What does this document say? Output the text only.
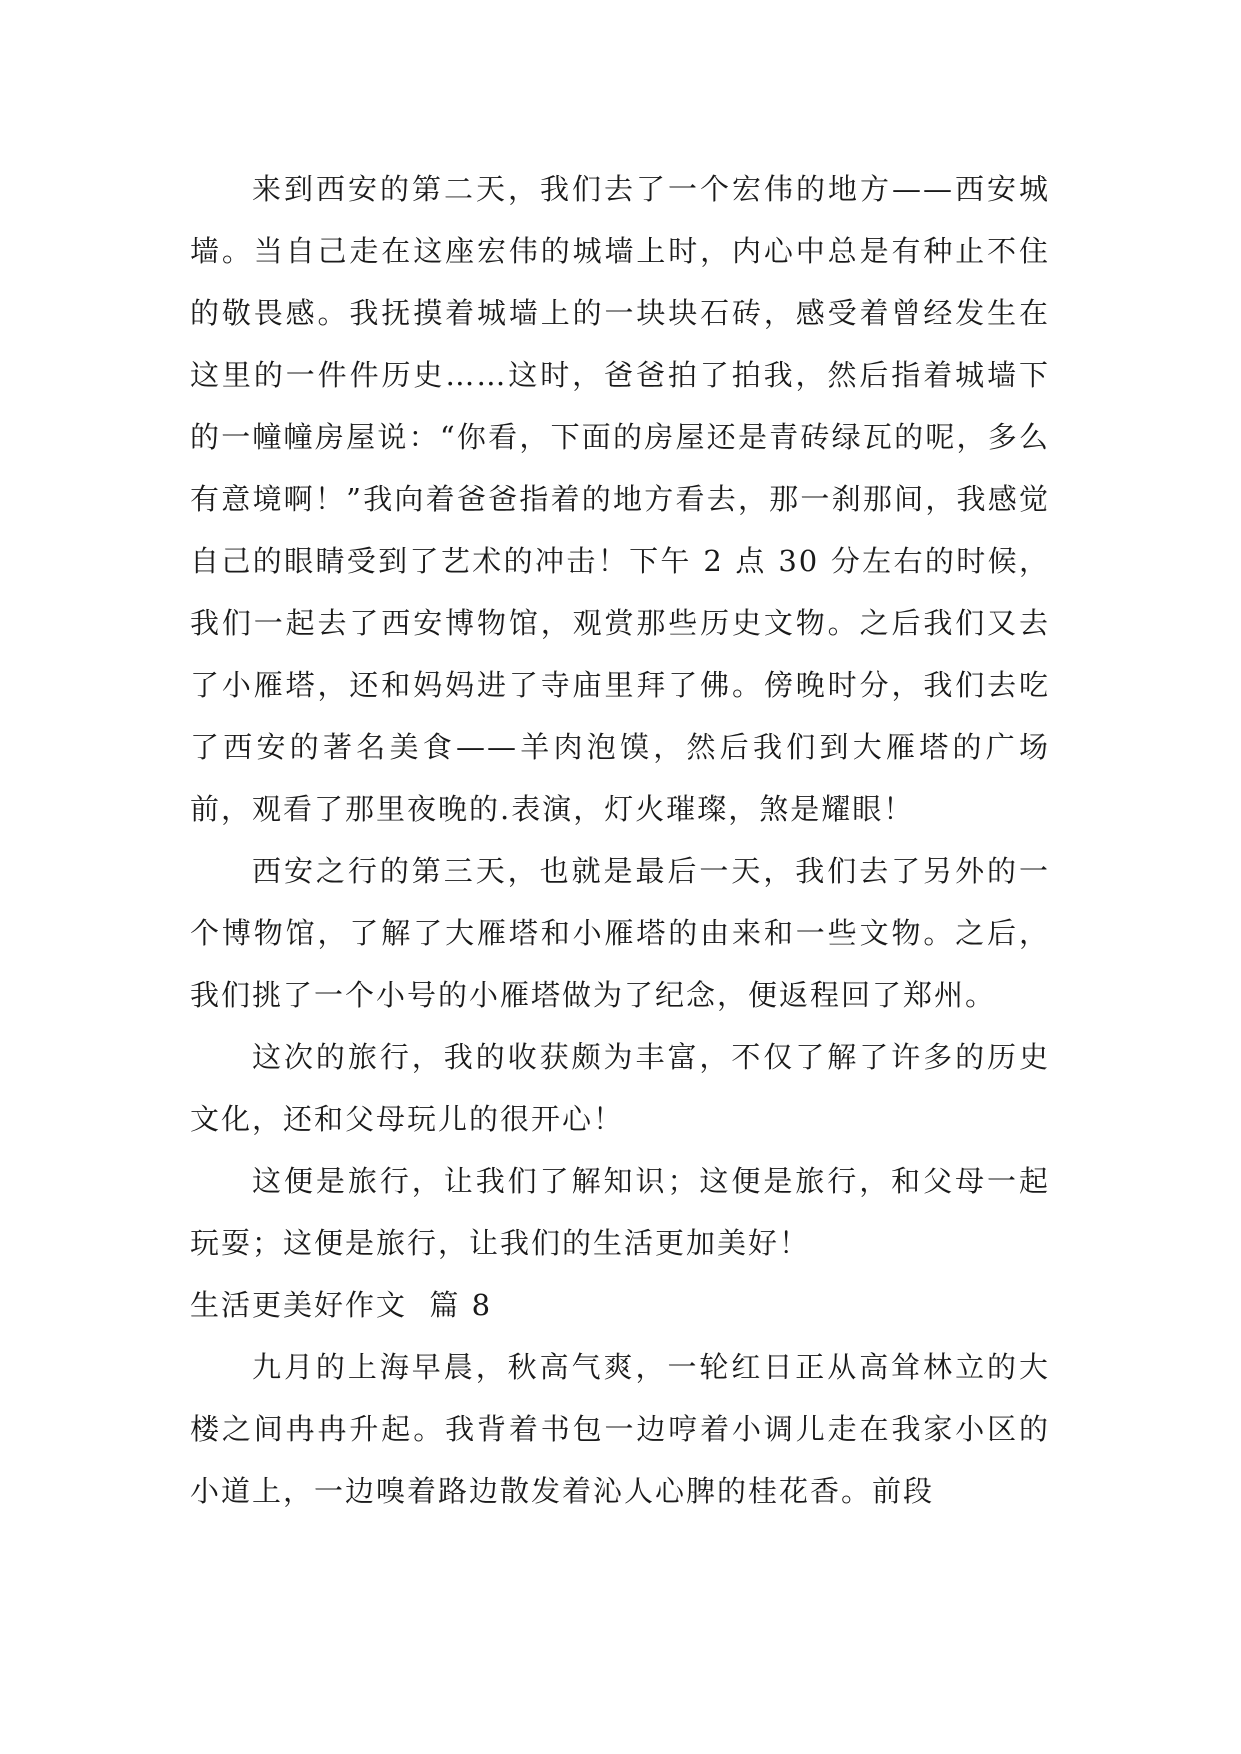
来到西安的第二天，我们去了一个宏伟的地方——西安城墙。当自己走在这座宏伟的城墙上时，内心中总是有种止不住的敬畏感。我抚摸着城墙上的一块块石砖，感受着曾经发生在这里的一件件历史……这时，爸爸拍了拍我，然后指着城墙下的一幢幢房屋说：“你看，下面的房屋还是青砖绿瓦的呢，多么有意境啊！”我向着爸爸指着的地方看去，那一刹那间，我感觉自己的眼睛受到了艺术的冲击！下午 2 点 30 分左右的时候，我们一起去了西安博物馆，观赏那些历史文物。之后我们又去了小雁塔，还和妈妈进了寺庙里拜了佛。傍晚时分，我们去吃了西安的著名美食——羊肉泡馍，然后我们到大雁塔的广场前，观看了那里夜晚的.表演，灯火璀璨，煞是耀眼！

西安之行的第三天，也就是最后一天，我们去了另外的一个博物馆，了解了大雁塔和小雁塔的由来和一些文物。之后，我们挑了一个小号的小雁塔做为了纪念，便返程回了郑州。

这次的旅行，我的收获颇为丰富，不仅了解了许多的历史文化，还和父母玩儿的很开心！

这便是旅行，让我们了解知识；这便是旅行，和父母一起玩耍；这便是旅行，让我们的生活更加美好！

生活更美好作文  篇 8

九月的上海早晨，秋高气爽，一轮红日正从高耸林立的大楼之间冉冉升起。我背着书包一边哼着小调儿走在我家小区的小道上，一边嗅着路边散发着沁人心脾的桂花香。前段
